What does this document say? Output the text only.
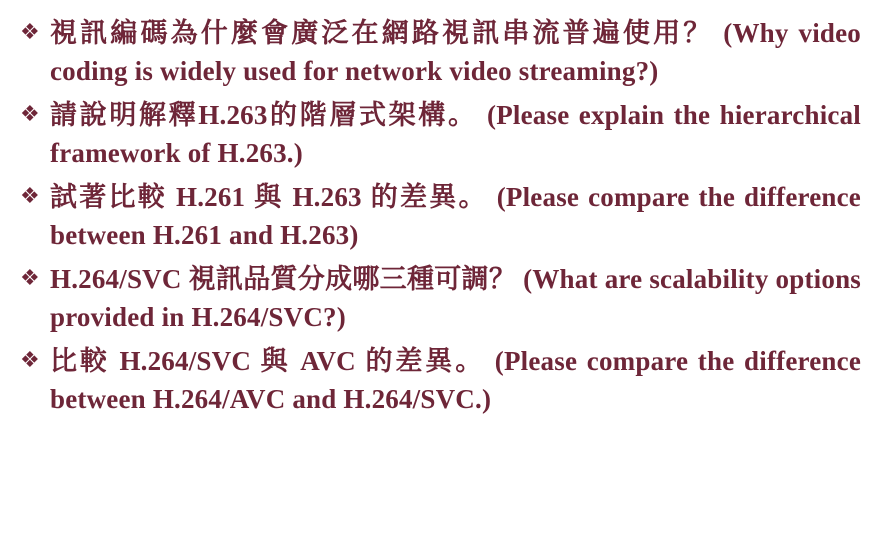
❖ 視訊編碼為什麼會廣泛在網路視訊串流普遍使用？ (Why video coding is widely used for network video streaming?)
❖ 請說明解釋H.263的階層式架構。 (Please explain the hierarchical framework of H.263.)
❖ 試著比較 H.261 與 H.263 的差異。 (Please compare the difference between H.261 and H.263)
❖ H.264/SVC 視訊品質分成哪三種可調？ (What are scalability options provided in H.264/SVC?)
❖ 比較 H.264/SVC 與 AVC 的差異。 (Please compare the difference between H.264/AVC and H.264/SVC.)
